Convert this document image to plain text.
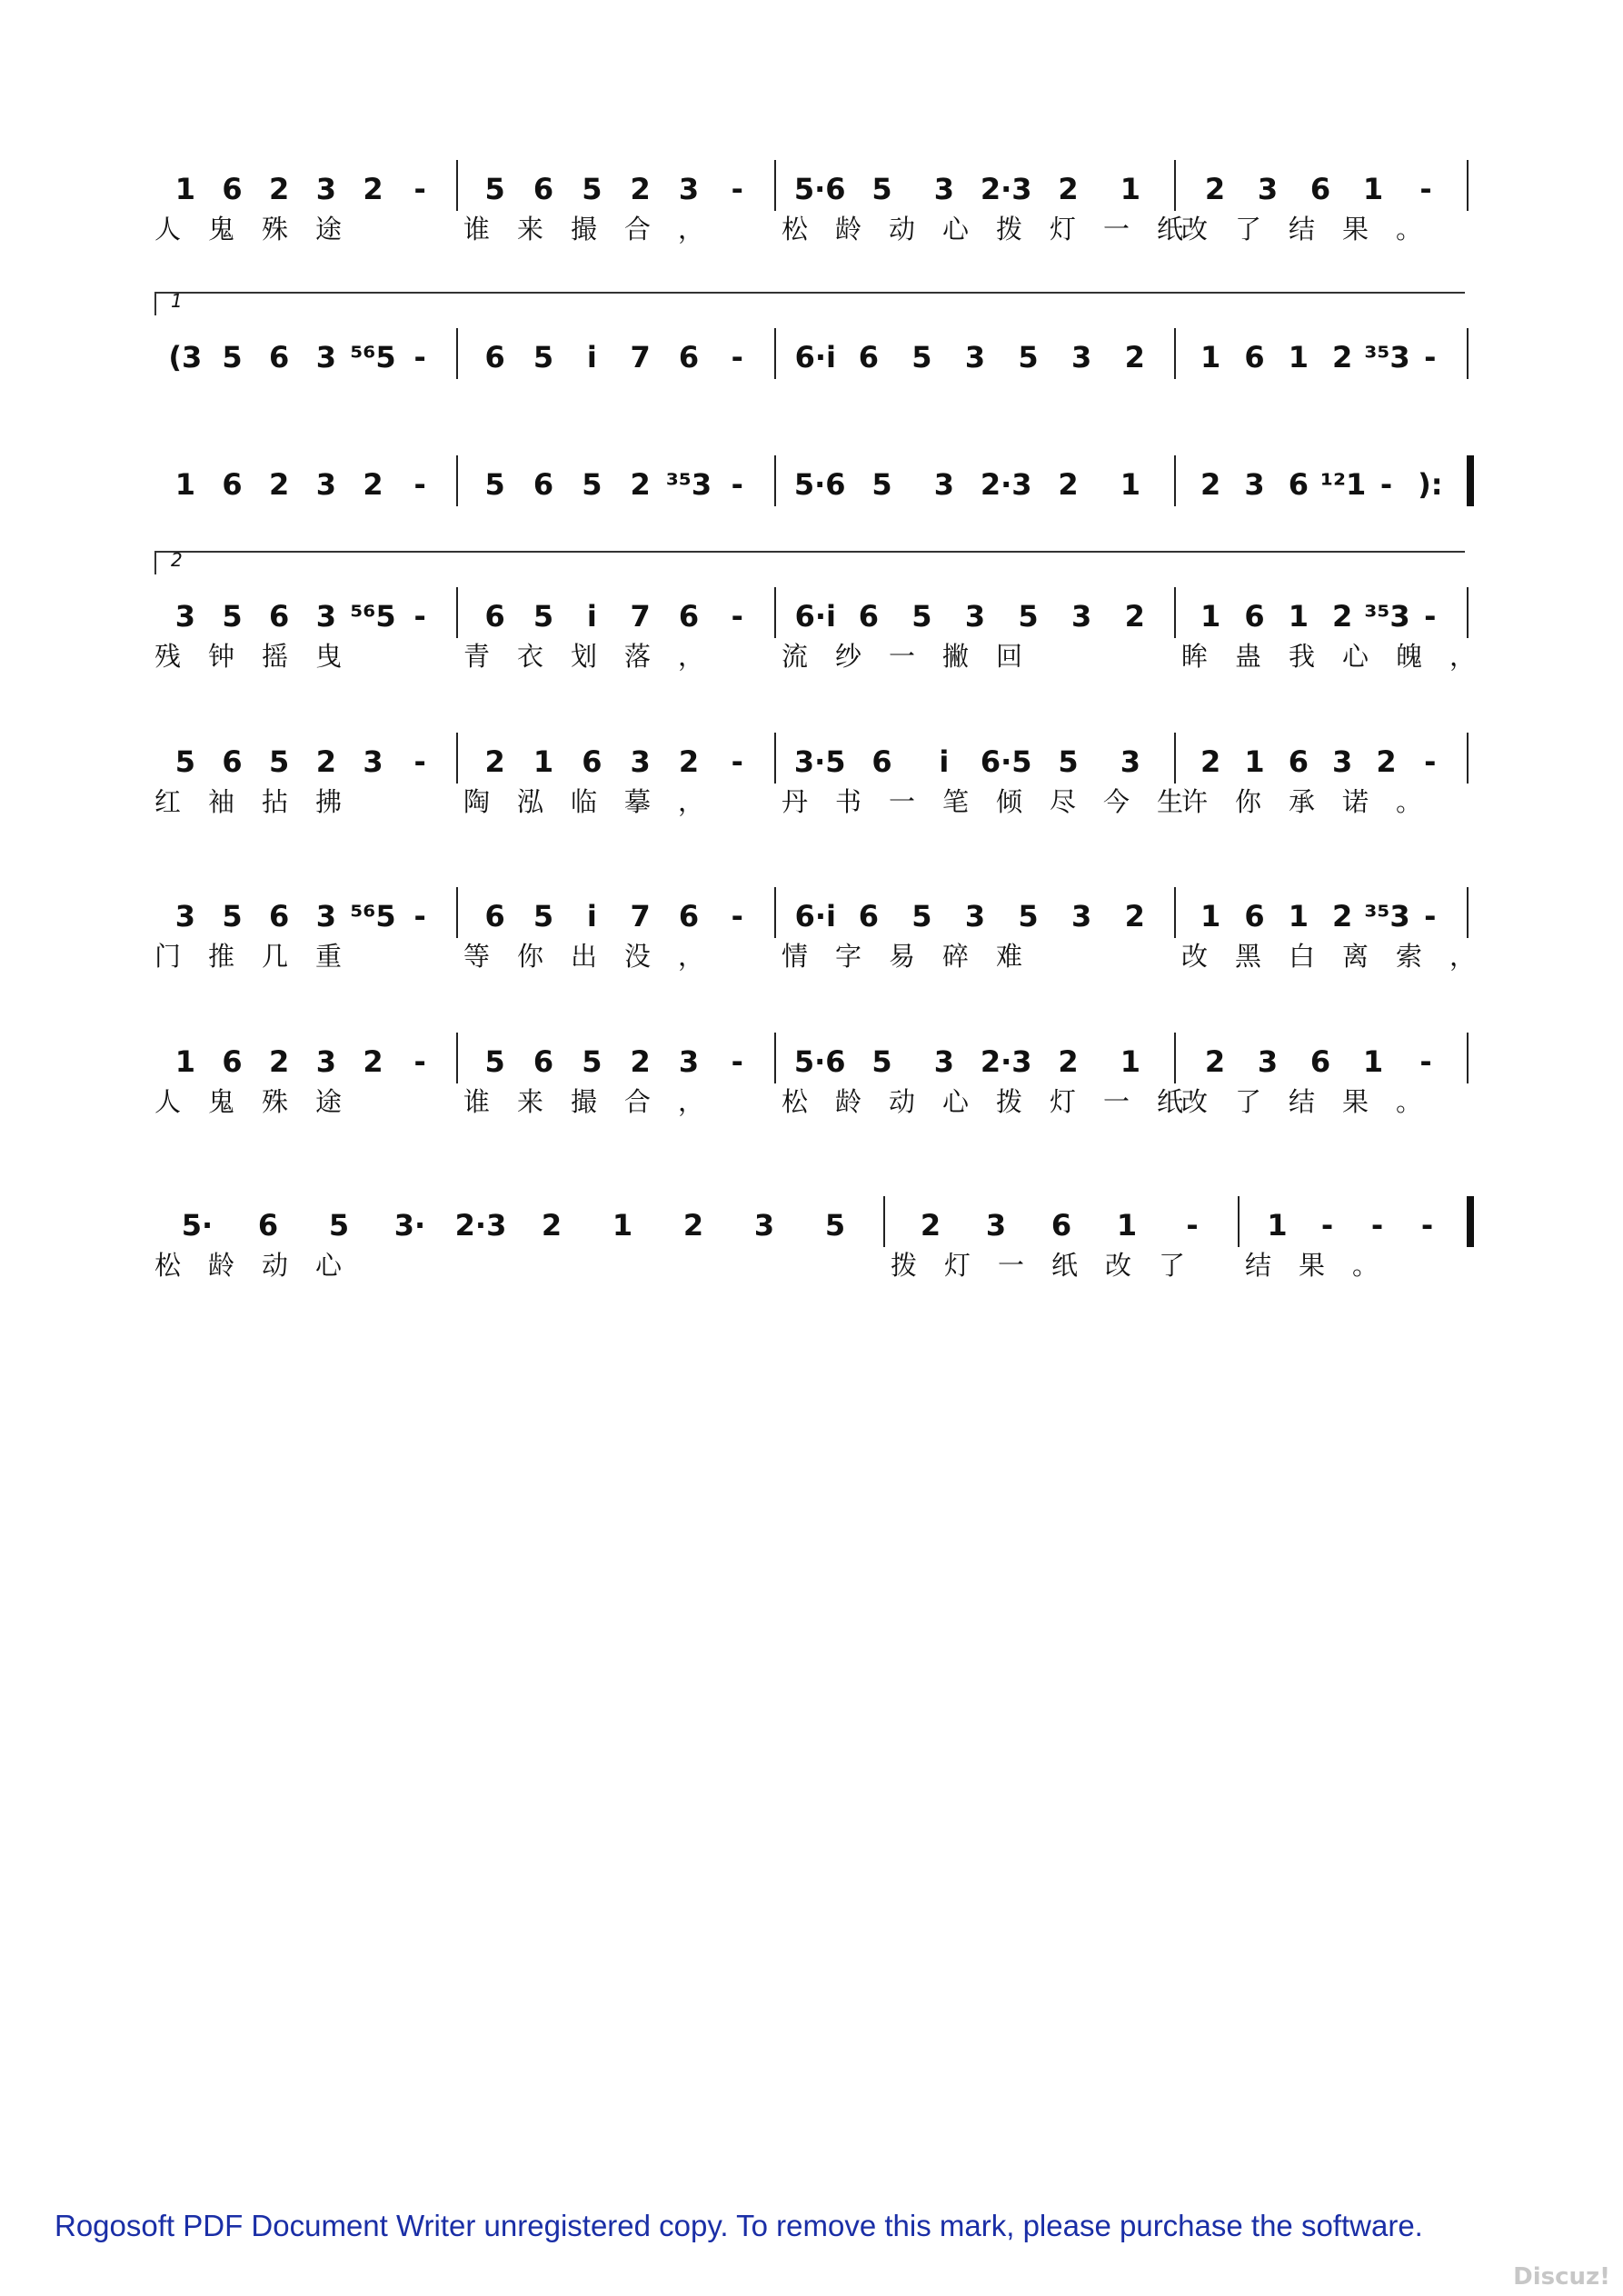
1 6 2 3 2	-	5 6 5 2 3	-	5·6 5	3 2·3 2	1	2	3	6	1	-
人鬼殊途	谁来撮合， 松龄动心拨灯一纸
改了结果。
1
(3 5 6 3 ⁵⁶5 -	6 5	i	7 6	-	6·i 6	5	3	5	3	2	1 6 1 2 ³⁵3 -
1 6 2 3 2	-	5 6 5 2 ³⁵3 -	5·6 5	3 2·3 2	1	2 3 6 ¹²1 - ):
2
3 5 6 3 ⁵⁶5 -	6 5	i	7 6	-	6·i 6	5	3	5	3	2	1 6 1 2 ³⁵3 -
残钟摇曳	青衣划落， 流纱一撇回	眸蛊我心魄，
5 6 5 2 3	-	2 1 6 3 2	-	3·5 6	i	6·5 5	3	2 1 6 3 2 -
红袖拈拂	陶泓临摹， 丹书一笔倾尽今生
许你承诺。
3 5 6 3 ⁵⁶5 -	6 5	i	7 6	-	6·i 6	5	3	5	3	2	1 6 1 2 ³⁵3 -
门推几重	等你出没， 情字易碎难	改黑白离索，
1 6 2 3 2	-	5 6 5 2 3	-	5·6 5	3 2·3 2	1	2	3	6	1	-
人鬼殊途	谁来撮合， 松龄动心拨灯一纸
改了结果。
5·	6	5	3·	2·3	2	1	2	3	5	2	3	6	1	-	1	-	-	-
松龄动心	拨灯一纸改了 结果。
Rogosoft PDF Document Writer unregistered copy. To remove this mark, please purchase the software.
Discuz!
